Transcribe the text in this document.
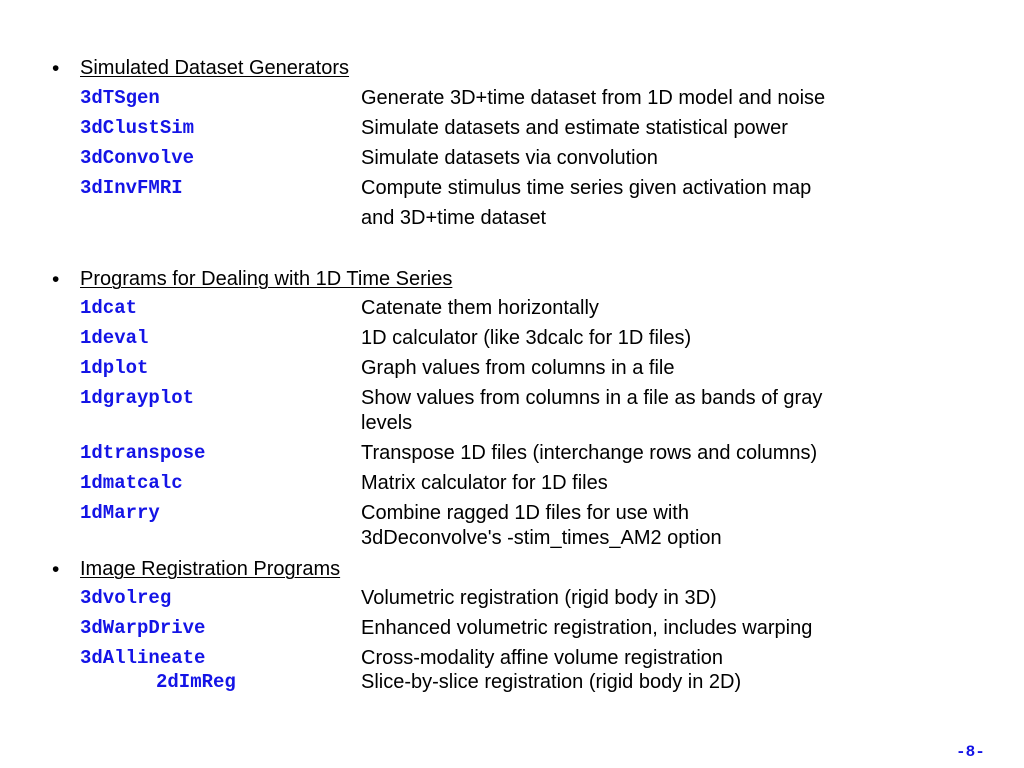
• Simulated Dataset Generators
3dTSgen	Generate 3D+time dataset from 1D model and noise
3dClustSim	Simulate datasets and estimate statistical power
3dConvolve	Simulate datasets via convolution
3dInvFMRI	Compute stimulus time series given activation map
and 3D+time dataset
• Programs for Dealing with 1D Time Series
1dcat	Catenate them horizontally
1deval	1D calculator (like 3dcalc for 1D files)
1dplot	Graph values from columns in a file
1dgrayplot	Show values from columns in a file as bands of gray
levels
1dtranspose	Transpose 1D files (interchange rows and columns)
1dmatcalc	Matrix calculator for 1D files
1dMarry	Combine ragged 1D files for use with
3dDeconvolve's -stim_times_AM2 option
• Image Registration Programs
3dvolreg	Volumetric registration (rigid body in 3D)
3dWarpDrive	Enhanced volumetric registration, includes warping
3dAllineate	Cross-modality affine volume registration
2dImReg	Slice-by-slice registration (rigid body in 2D)
-8-
